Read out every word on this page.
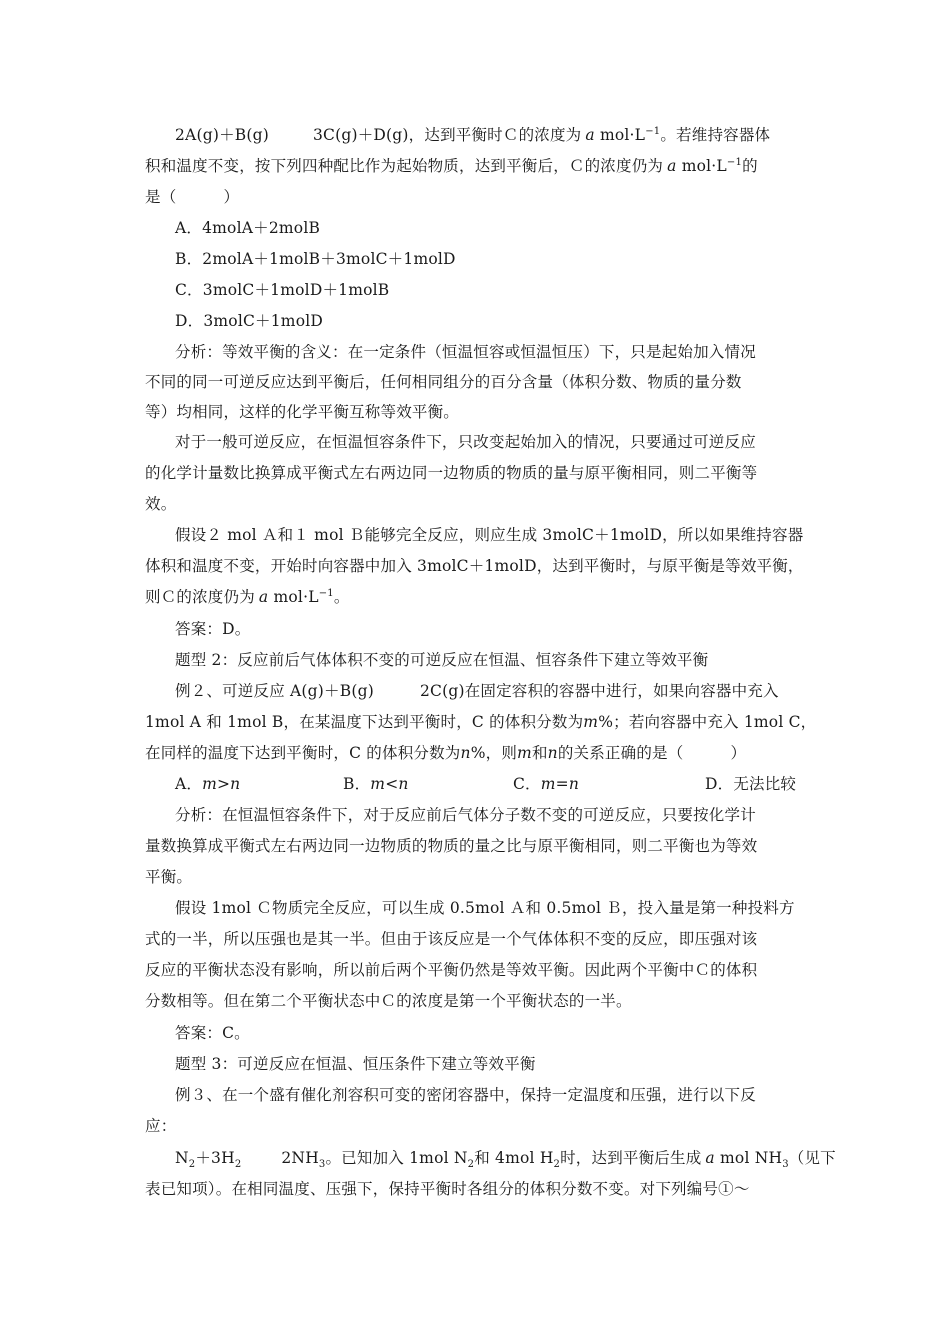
2A(g)＋B(g)	3C(g)＋D(g)，达到平衡时Ｃ的浓度为 a $mol\cdot L^{-1}$。若维持容器体
积和温度不变，按下列四种配比作为起始物质，达到平衡后，Ｃ的浓度仍为 a $mol\cdot L^{-1}$的
是（　　　）
A．4molA＋2molB
B．2molA＋1molB＋3molC＋1molD
C．3molC＋1molD＋1molB
D．3molC＋1molD
分析：等效平衡的含义：在一定条件（恒温恒容或恒温恒压）下，只是起始加入情况
不同的同一可逆反应达到平衡后，任何相同组分的百分含量（体积分数、物质的量分数
等）均相同，这样的化学平衡互称等效平衡。
对于一般可逆反应，在恒温恒容条件下，只改变起始加入的情况，只要通过可逆反应
的化学计量数比换算成平衡式左右两边同一边物质的物质的量与原平衡相同，则二平衡等
效。
假设２ mol Ａ和１ mol Ｂ能够完全反应，则应生成 3molC＋1molD，所以如果维持容器
体积和温度不变，开始时向容器中加入 3molC＋1molD，达到平衡时，与原平衡是等效平衡，
则Ｃ的浓度仍为 a $mol\cdot L^{-1}$。
答案：D。
题型 2：反应前后气体体积不变的可逆反应在恒温、恒容条件下建立等效平衡
例２、可逆反应 A(g)＋B(g)	2C(g)在固定容积的容器中进行，如果向容器中充入
1mol A 和 1mol B，在某温度下达到平衡时，C 的体积分数为m%；若向容器中充入 1mol C，
在同样的温度下达到平衡时，C 的体积分数为n%，则m和n的关系正确的是（　　　）
A．m>n	B．m<n	C．m=n	D．无法比较
分析：在恒温恒容条件下，对于反应前后气体分子数不变的可逆反应，只要按化学计
量数换算成平衡式左右两边同一边物质的物质的量之比与原平衡相同，则二平衡也为等效
平衡。
假设 1mol Ｃ物质完全反应，可以生成 0.5mol Ａ和 0.5mol Ｂ，投入量是第一种投料方
式的一半，所以压强也是其一半。但由于该反应是一个气体体积不变的反应，即压强对该
反应的平衡状态没有影响，所以前后两个平衡仍然是等效平衡。因此两个平衡中Ｃ的体积
分数相等。但在第二个平衡状态中Ｃ的浓度是第一个平衡状态的一半。
答案：C。
题型 3：可逆反应在恒温、恒压条件下建立等效平衡
例３、在一个盛有催化剂容积可变的密闭容器中，保持一定温度和压强，进行以下反
应：
$N_2+3H_2$	$2NH_3$。已知加入 1mol $N_2$和 4mol $H_2$时，达到平衡后生成 a mol $NH_3$（见下
表已知项）。在相同温度、压强下，保持平衡时各组分的体积分数不变。对下列编号①～
